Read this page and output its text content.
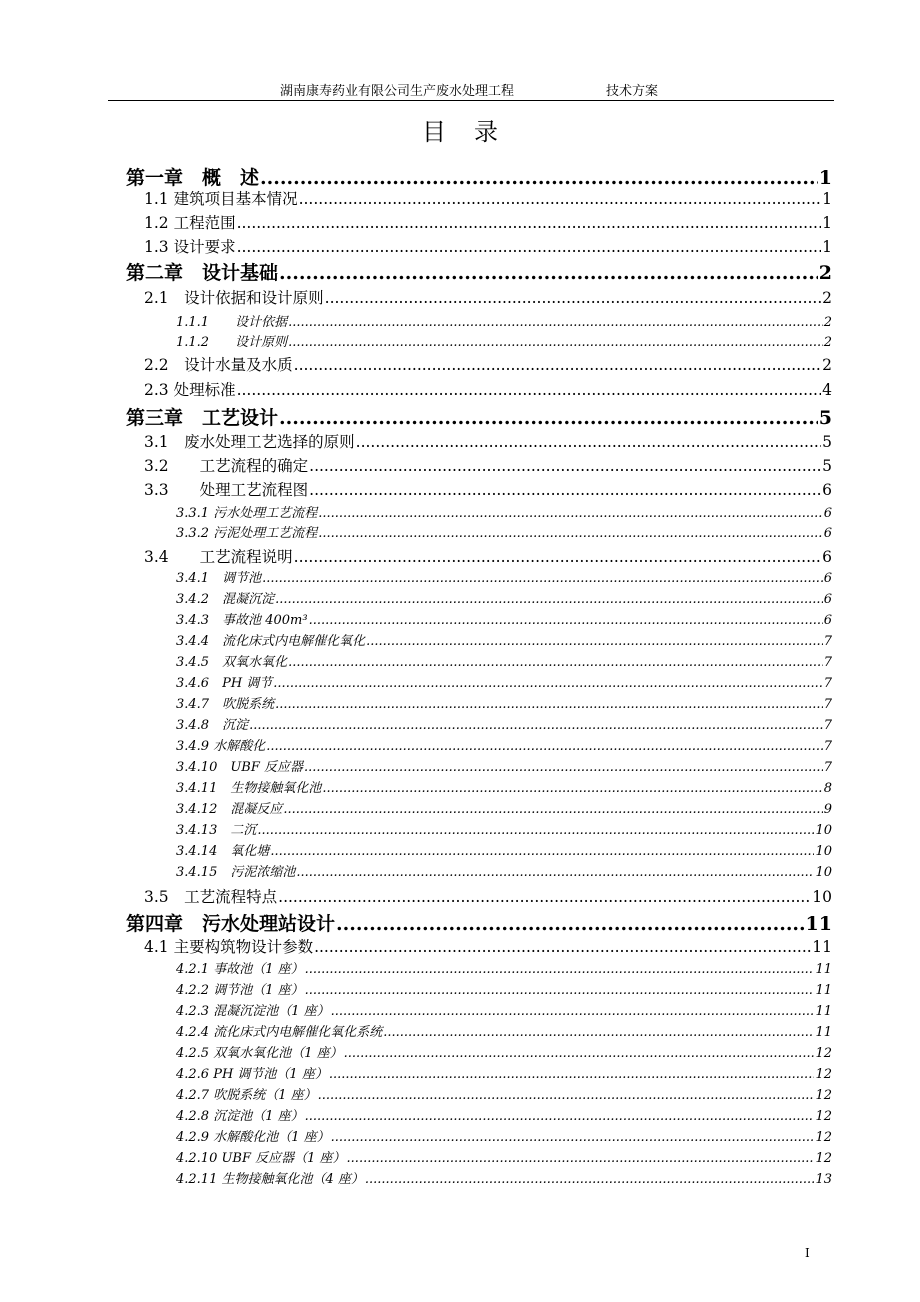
湖南康寿药业有限公司生产废水处理工程	技术方案
目录
第一章　概　述 .....	1
1.1 建筑项目基本情况 .....	1
1.2 工程范围 .....	1
1.3 设计要求 .....	1
第二章　设计基础 .....	2
2.1　设计依据和设计原则 .....	2
1.1.1　　设计依据 .....	2
1.1.2　　设计原则 .....	2
2.2　设计水量及水质 .....	2
2.3 处理标准 .....	4
第三章　工艺设计 .....	5
3.1　废水处理工艺选择的原则 .....	5
3.2　　工艺流程的确定 .....	5
3.3　　处理工艺流程图 .....	6
3.3.1 污水处理工艺流程 .....	6
3.3.2 污泥处理工艺流程 .....	6
3.4　　工艺流程说明 .....	6
3.4.1　调节池 .....	6
3.4.2　混凝沉淀 .....	6
3.4.3　事故池 400m³ .....	6
3.4.4　流化床式内电解催化氧化 .....	7
3.4.5　双氧水氧化 .....	7
3.4.6　PH 调节 .....	7
3.4.7　吹脱系统 .....	7
3.4.8　沉淀 .....	7
3.4.9 水解酸化 .....	7
3.4.10　UBF 反应器 .....	7
3.4.11　生物接触氧化池 .....	8
3.4.12　混凝反应 .....	9
3.4.13　二沉 .....	10
3.4.14　氧化塘 .....	10
3.4.15　污泥浓缩池 .....	10
3.5　工艺流程特点 .....	10
第四章　污水处理站设计 .....	11
4.1 主要构筑物设计参数 .....	11
4.2.1 事故池（1 座） .....	11
4.2.2 调节池（1 座） .....	11
4.2.3 混凝沉淀池（1 座） .....	11
4.2.4 流化床式内电解催化氧化系统 .....	11
4.2.5 双氧水氧化池（1 座） .....	12
4.2.6 PH 调节池（1 座） .....	12
4.2.7 吹脱系统（1 座） .....	12
4.2.8 沉淀池（1 座） .....	12
4.2.9 水解酸化池（1 座） .....	12
4.2.10 UBF 反应器（1 座） .....	12
4.2.11 生物接触氧化池（4 座） .....	13
I
